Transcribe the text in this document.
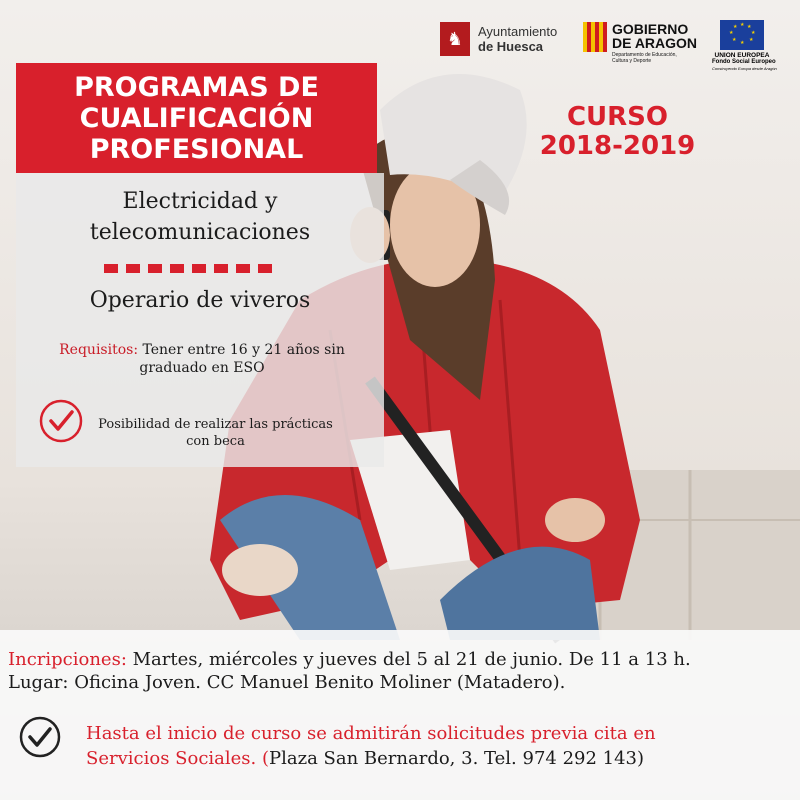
♞	Ayuntamiento
de Huesca
GOBIERNO
DE ARAGON
Departamento de Educación, Cultura y Deporte
★ ★
★
★
★
★
★
★
UNION EUROPEA
Fondo Social Europeo
Construyendo Europa desde Aragón
PROGRAMAS DE
CUALIFICACIÓN
PROFESIONAL
Electricidad y
telecomunicaciones
Operario de viveros
Requisitos: Tener entre 16 y 21 años sin graduado en ESO
Posibilidad de realizar las prácticas con beca
CURSO
2018-2019
Incripciones: Martes, miércoles y jueves del 5 al 21 de junio. De 11 a 13 h.
Lugar: Oficina Joven. CC Manuel Benito Moliner (Matadero).
Hasta el inicio de curso se admitirán solicitudes previa cita en
Servicios Sociales. (Plaza San Bernardo, 3. Tel. 974 292 143)
